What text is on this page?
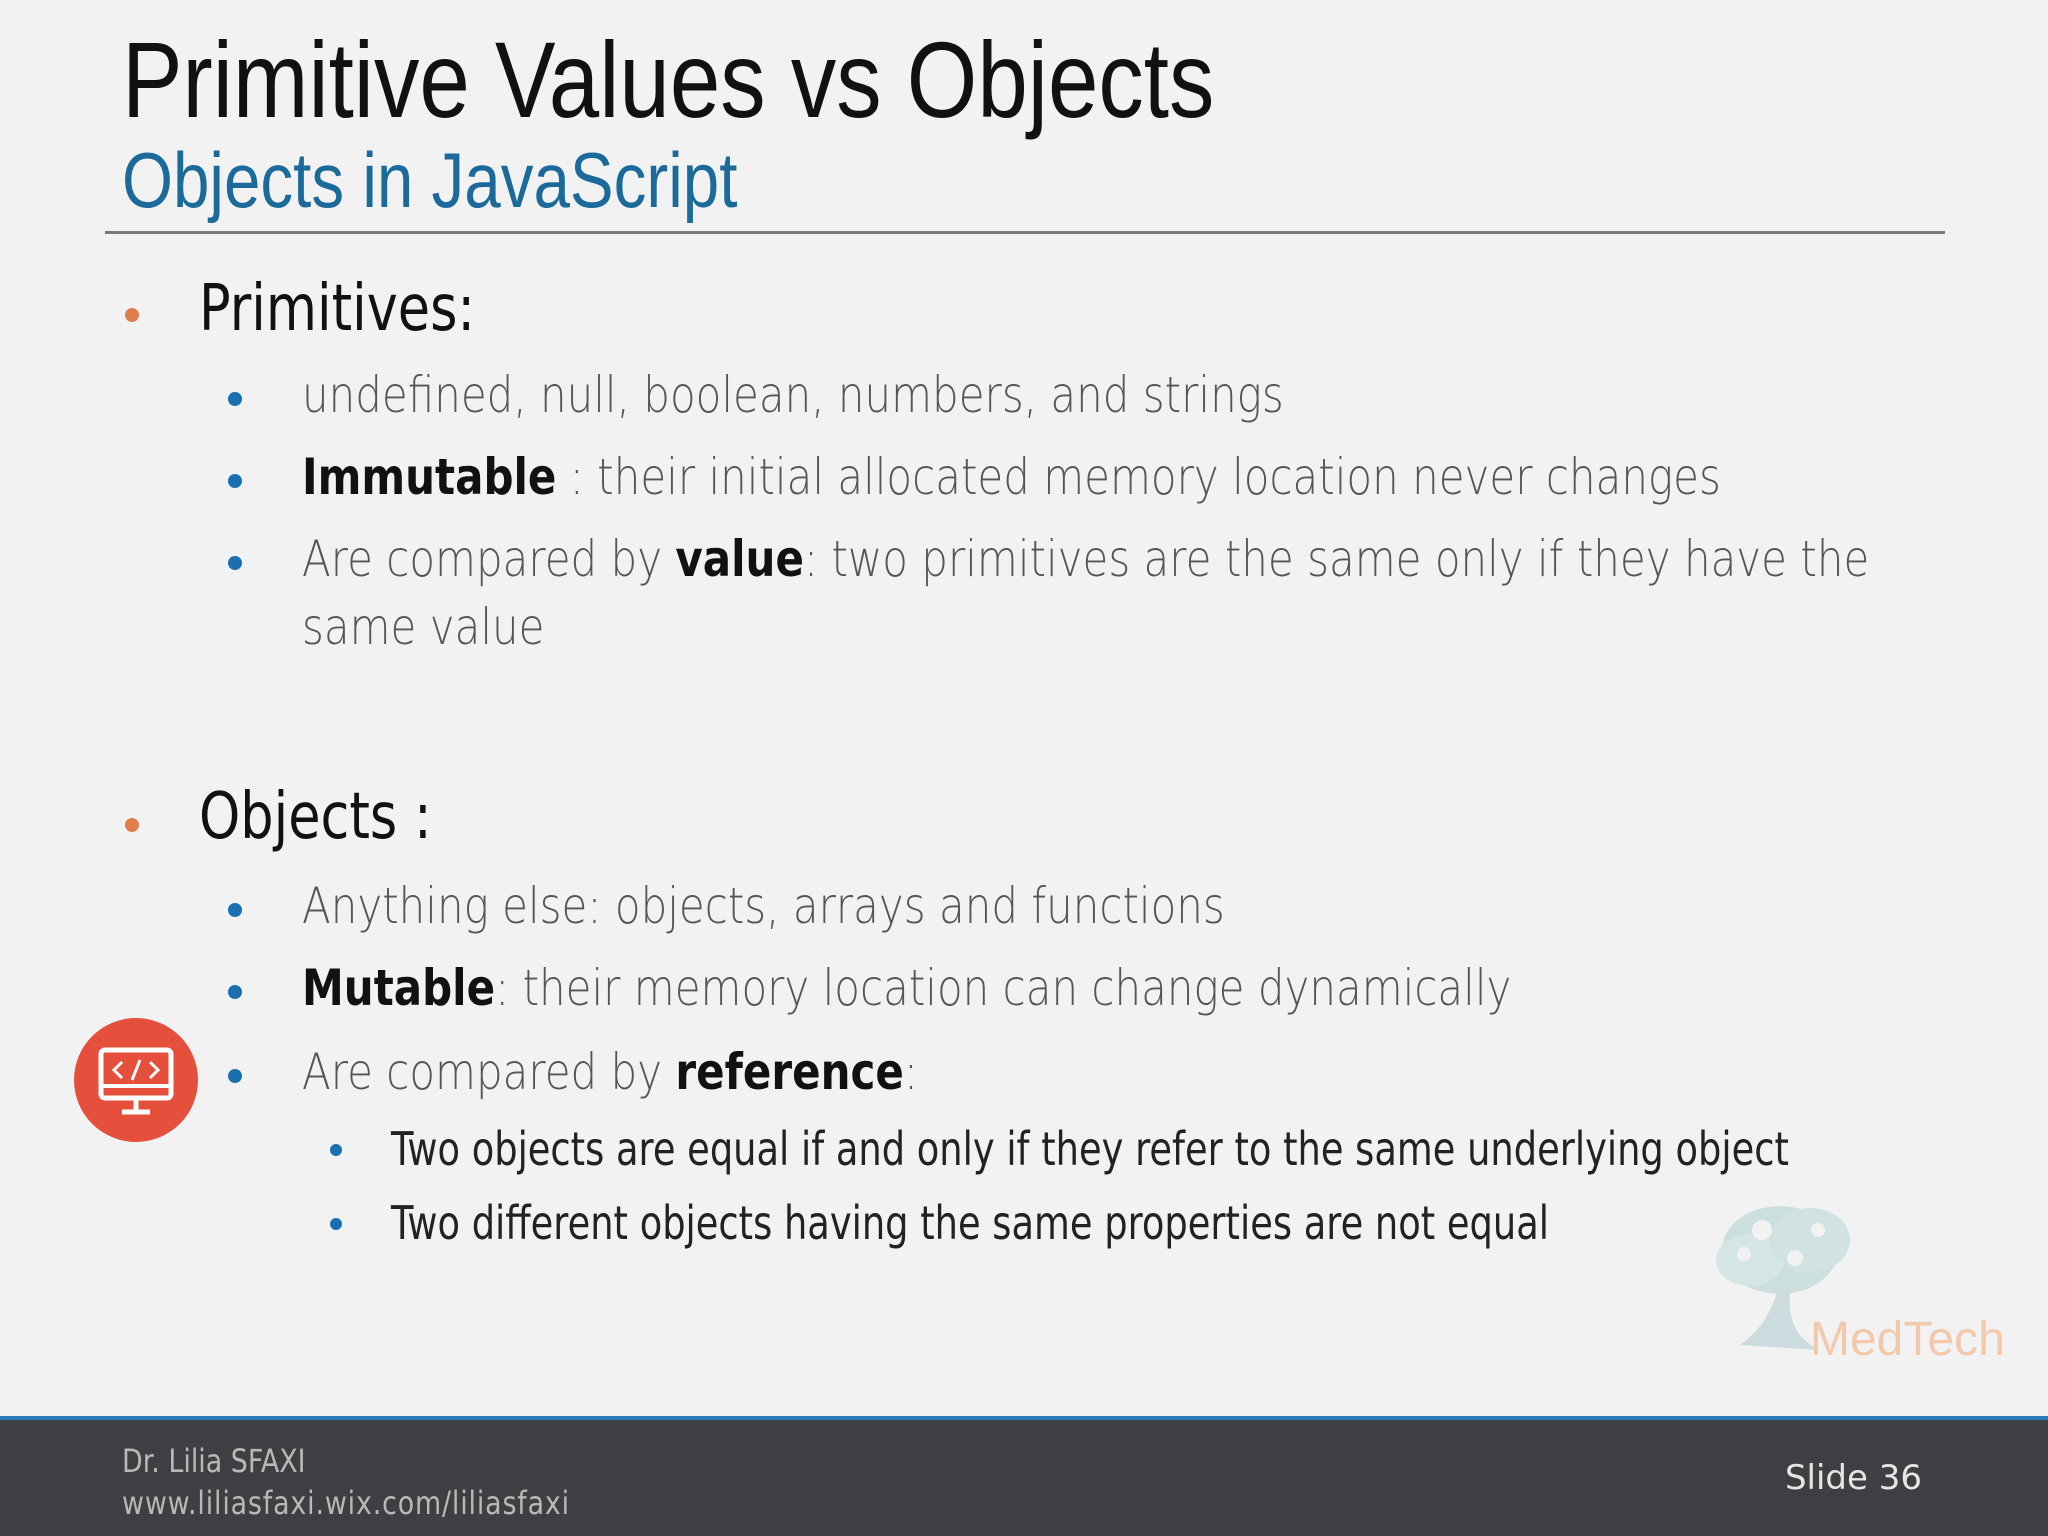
Primitive Values vs Objects
Objects in JavaScript
Primitives:
undefined, null, boolean, numbers, and strings
Immutable : their initial allocated memory location never changes
Are compared by value: two primitives are the same only if they have the
same value
Objects :
Anything else: objects, arrays and functions
Mutable: their memory location can change dynamically
Are compared by reference:
Two objects are equal if and only if they refer to the same underlying object
Two different objects having the same properties are not equal
MedTech
Dr. Lilia SFAXI
www.liliasfaxi.wix.com/liliasfaxi
Slide 36
